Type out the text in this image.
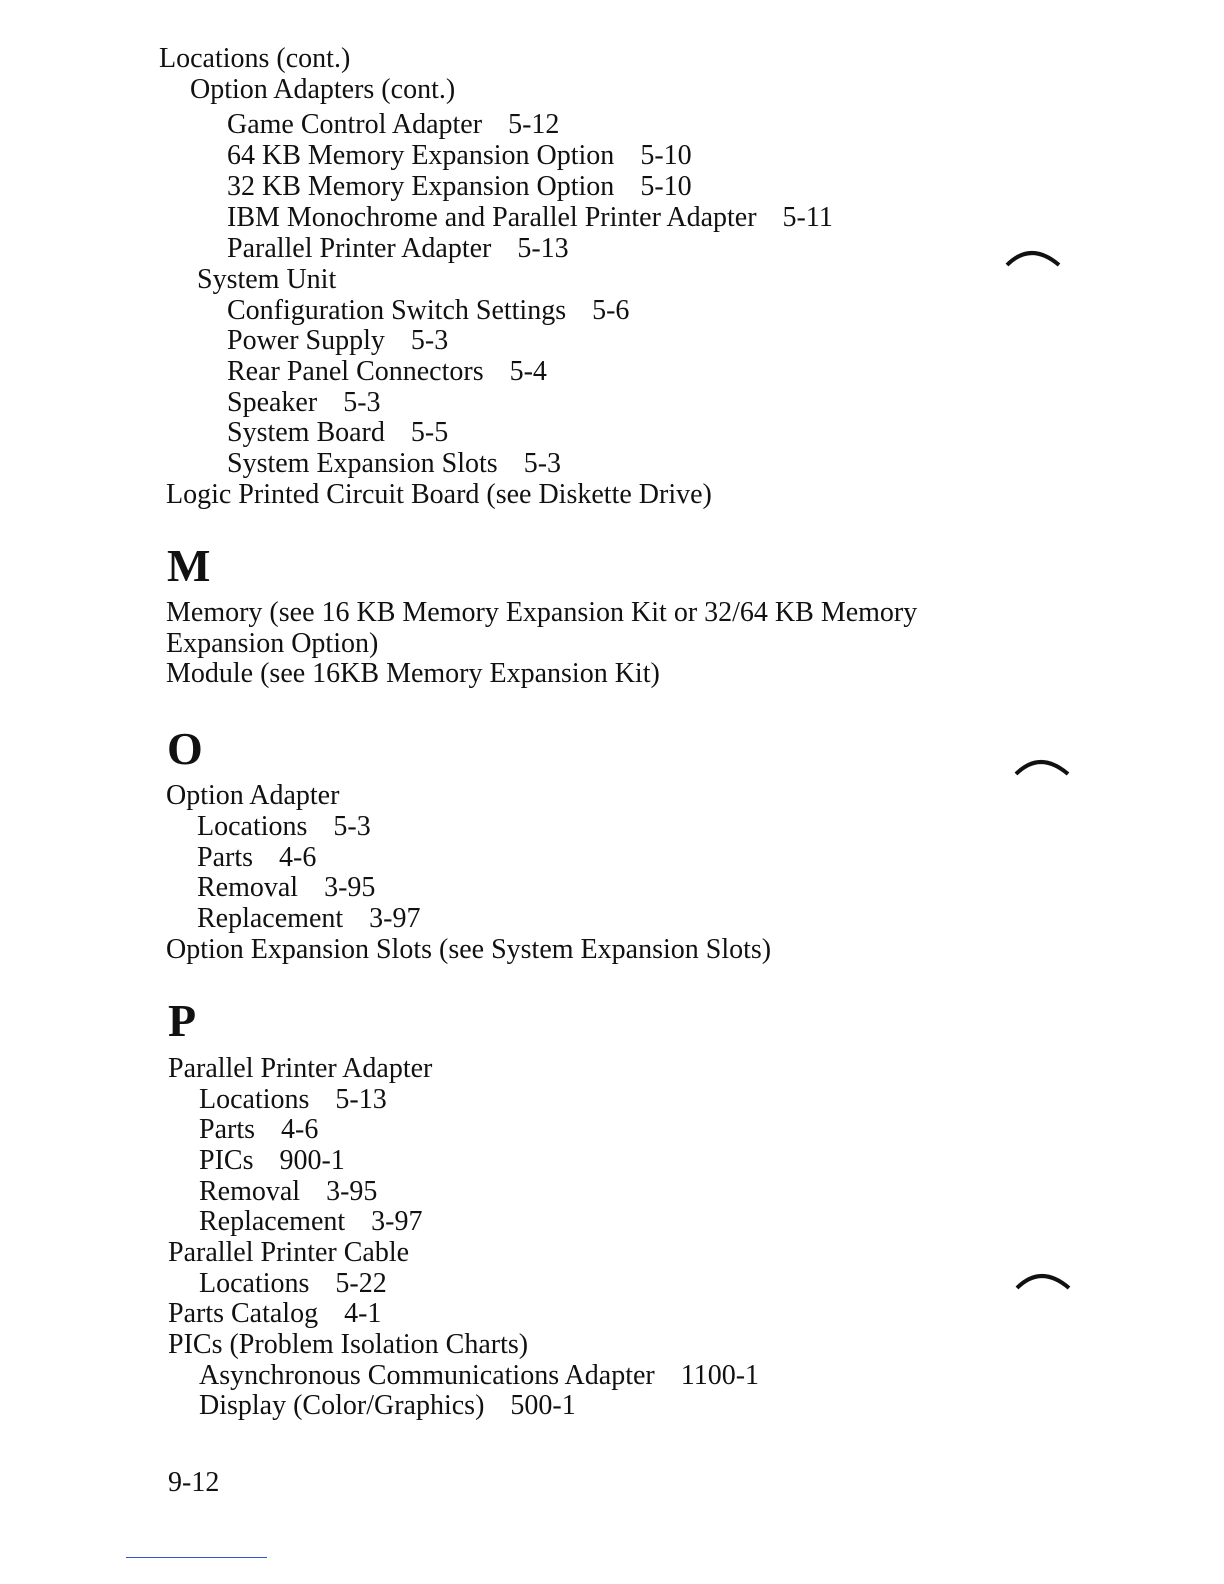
Locations (cont.)
Option Adapters (cont.)
Game Control Adapter 5-12
64 KB Memory Expansion Option 5-10
32 KB Memory Expansion Option 5-10
IBM Monochrome and Parallel Printer Adapter 5-11
Parallel Printer Adapter 5-13
System Unit
Configuration Switch Settings 5-6
Power Supply 5-3
Rear Panel Connectors 5-4
Speaker 5-3
System Board 5-5
System Expansion Slots 5-3
Logic Printed Circuit Board (see Diskette Drive)
M
Memory (see 16 KB Memory Expansion Kit or 32/64 KB Memory
Expansion Option)
Module (see 16KB Memory Expansion Kit)
O
Option Adapter
Locations 5-3
Parts 4-6
Removal 3-95
Replacement 3-97
Option Expansion Slots (see System Expansion Slots)
P
Parallel Printer Adapter
Locations 5-13
Parts 4-6
PICs 900-1
Removal 3-95
Replacement 3-97
Parallel Printer Cable
Locations 5-22
Parts Catalog 4-1
PICs (Problem Isolation Charts)
Asynchronous Communications Adapter 1100-1
Display (Color/Graphics) 500-1
9-12
